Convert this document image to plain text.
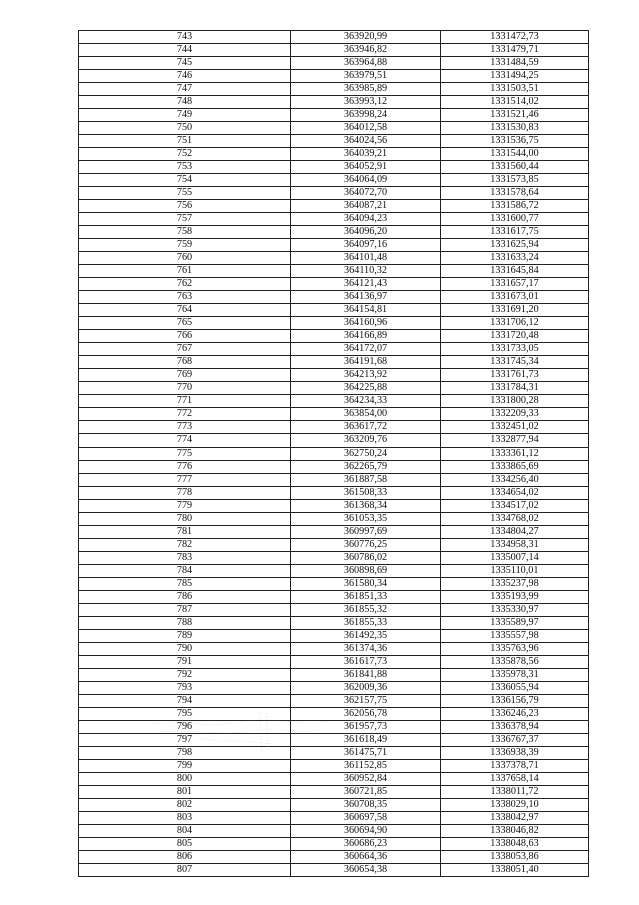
743	363920,99	1331472,73
744	363946,82	1331479,71
745	363964,88	1331484,59
746	363979,51	1331494,25
747	363985,89	1331503,51
748	363993,12	1331514,02
749	363998,24	1331521,46
750	364012,58	1331530,83
751	364024,56	1331536,75
752	364039,21	1331544,00
753	364052,91	1331560,44
754	364064,09	1331573,85
755	364072,70	1331578,64
756	364087,21	1331586,72
757	364094,23	1331600,77
758	364096,20	1331617,75
759	364097,16	1331625,94
760	364101,48	1331633,24
761	364110,32	1331645,84
762	364121,43	1331657,17
763	364136,97	1331673,01
764	364154,81	1331691,20
765	364160,96	1331706,12
766	364166,89	1331720,48
767	364172,07	1331733,05
768	364191,68	1331745,34
769	364213,92	1331761,73
770	364225,88	1331784,31
771	364234,33	1331800,28
772	363854,00	1332209,33
773	363617,72	1332451,02
774	363209,76	1332877,94
775	362750,24	1333361,12
776	362265,79	1333865,69
777	361887,58	1334256,40
778	361508,33	1334654,02
779	361368,34	1334517,02
780	361053,35	1334768,02
781	360997,69	1334804,27
782	360776,25	1334958,31
783	360786,02	1335007,14
784	360898,69	1335110,01
785	361580,34	1335237,98
786	361851,33	1335193,99
787	361855,32	1335330,97
788	361855,33	1335589,97
789	361492,35	1335557,98
790	361374,36	1335763,96
791	361617,73	1335878,56
792	361841,88	1335978,31
793	362009,36	1336055,94
794	362157,75	1336156,79
795	362056,78	1336246,23
796	361957,73	1336378,94
797	361618,49	1336767,37
798	361475,71	1336938,39
799	361152,85	1337378,71
800	360952,84	1337658,14
801	360721,85	1338011,72
802	360708,35	1338029,10
803	360697,58	1338042,97
804	360694,90	1338046,82
805	360686,23	1338048,63
806	360664,36	1338053,86
807	360654,38	1338051,40
